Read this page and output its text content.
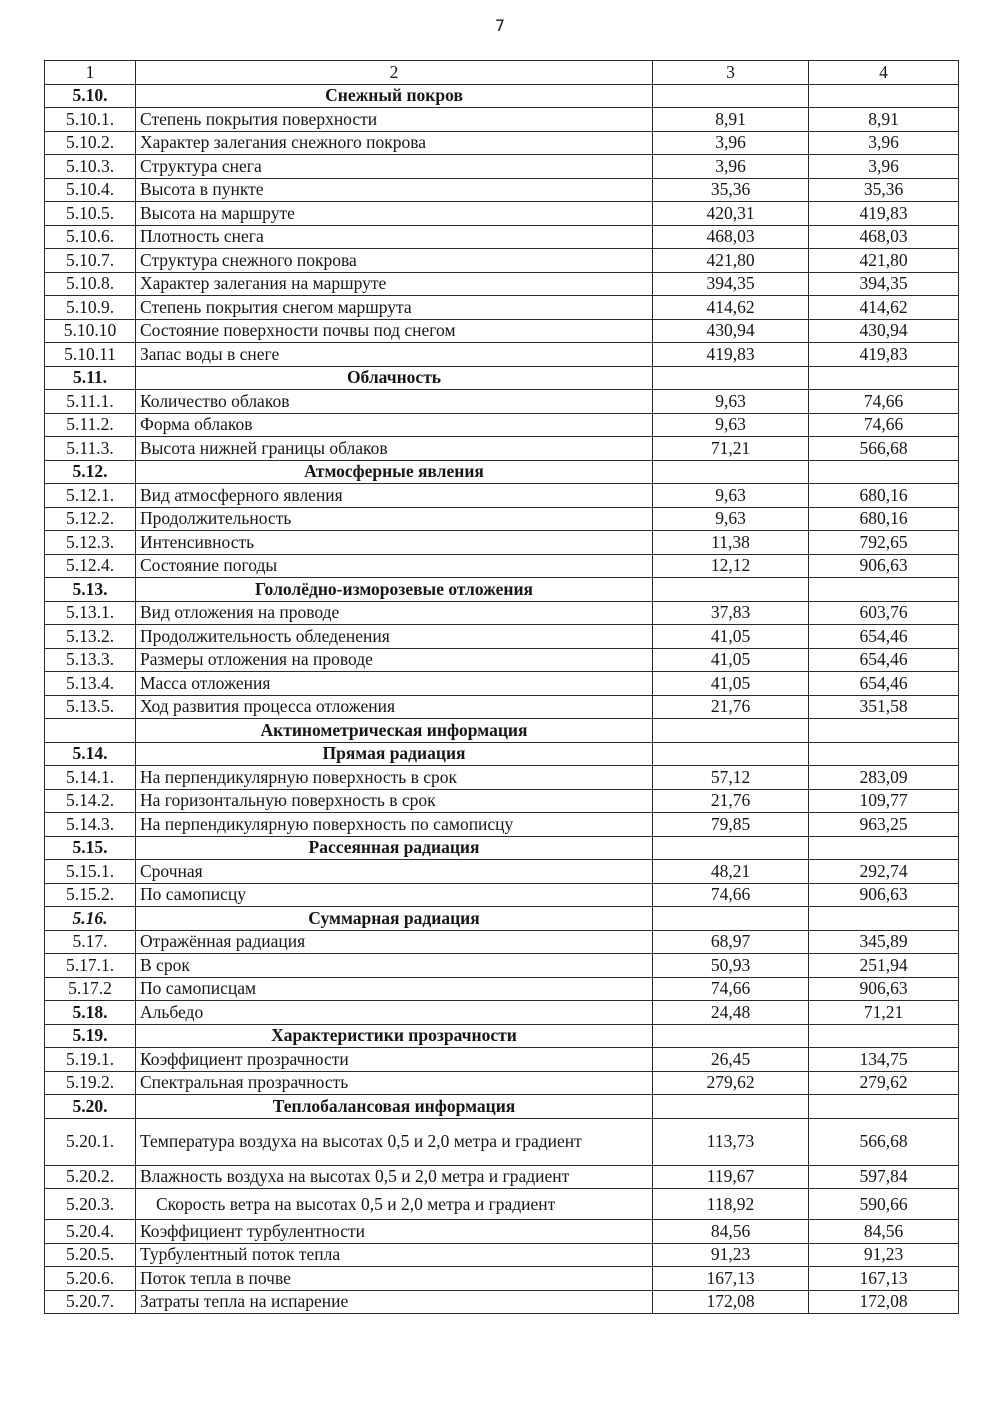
7
1	2	3	4
5.10.	Снежный покров		
5.10.1.	Степень покрытия поверхности	8,91	8,91
5.10.2.	Характер залегания снежного покрова	3,96	3,96
5.10.3.	Структура снега	3,96	3,96
5.10.4.	Высота в пункте	35,36	35,36
5.10.5.	Высота на маршруте	420,31	419,83
5.10.6.	Плотность снега	468,03	468,03
5.10.7.	Структура снежного покрова	421,80	421,80
5.10.8.	Характер залегания на маршруте	394,35	394,35
5.10.9.	Степень покрытия снегом маршрута	414,62	414,62
5.10.10	Состояние поверхности почвы под снегом	430,94	430,94
5.10.11	Запас воды в снеге	419,83	419,83
5.11.	Облачность		
5.11.1.	Количество облаков	9,63	74,66
5.11.2.	Форма облаков	9,63	74,66
5.11.3.	Высота нижней границы облаков	71,21	566,68
5.12.	Атмосферные явления		
5.12.1.	Вид атмосферного явления	9,63	680,16
5.12.2.	Продолжительность	9,63	680,16
5.12.3.	Интенсивность	11,38	792,65
5.12.4.	Состояние погоды	12,12	906,63
5.13.	Гололёдно-изморозевые отложения		
5.13.1.	Вид отложения на проводе	37,83	603,76
5.13.2.	Продолжительность обледенения	41,05	654,46
5.13.3.	Размеры отложения на проводе	41,05	654,46
5.13.4.	Масса отложения	41,05	654,46
5.13.5.	Ход развития процесса отложения	21,76	351,58
	Актинометрическая информация		
5.14.	Прямая радиация		
5.14.1.	На перпендикулярную поверхность в срок	57,12	283,09
5.14.2.	На горизонтальную поверхность в срок	21,76	109,77
5.14.3.	На перпендикулярную поверхность по самописцу	79,85	963,25
5.15.	Рассеянная радиация		
5.15.1.	Срочная	48,21	292,74
5.15.2.	По самописцу	74,66	906,63
5.16.	Суммарная радиация		
5.17.	Отражённая радиация	68,97	345,89
5.17.1.	В срок	50,93	251,94
5.17.2	По самописцам	74,66	906,63
5.18.	Альбедо	24,48	71,21
5.19.	Характеристики прозрачности		
5.19.1.	Коэффициент прозрачности	26,45	134,75
5.19.2.	Спектральная прозрачность	279,62	279,62
5.20.	Теплобалансовая информация		
5.20.1.	Температура воздуха на высотах 0,5 и 2,0 метра и градиент	113,73	566,68
5.20.2.	Влажность воздуха на высотах 0,5 и 2,0 метра и градиент	119,67	597,84
5.20.3.	Скорость ветра на высотах 0,5 и 2,0 метра и градиент	118,92	590,66
5.20.4.	Коэффициент турбулентности	84,56	84,56
5.20.5.	Турбулентный поток тепла	91,23	91,23
5.20.6.	Поток тепла в почве	167,13	167,13
5.20.7.	Затраты тепла на испарение	172,08	172,08
